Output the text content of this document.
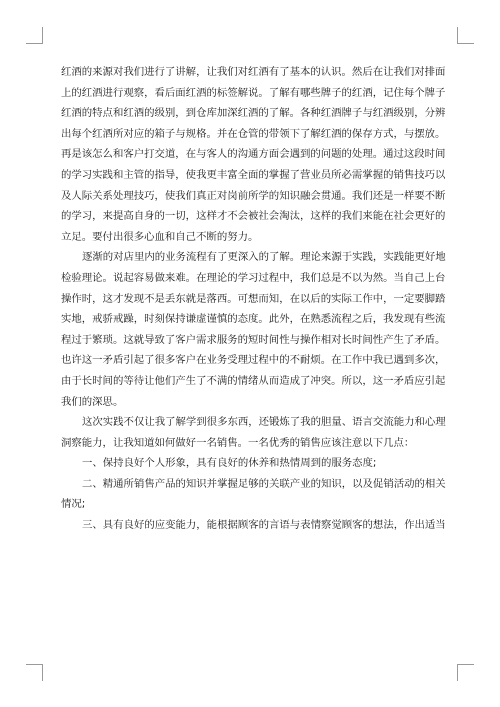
红酒的来源对我们进行了讲解，让我们对红酒有了基本的认识。然后在让我们对排面
上的红酒进行观察，看后面红酒的标签解说。了解有哪些牌子的红酒，记住每个牌子
红酒的特点和红酒的级别，到仓库加深红酒的了解。各种红酒牌子与红酒级别，分辨
出每个红酒所对应的箱子与规格。并在仓管的带领下了解红酒的保存方式，与摆放。

再是该怎么和客户打交道，在与客人的沟通方面会遇到的问题的处理。通过这段时间
的学习实践和主管的指导，使我更丰富全面的掌握了营业员所必需掌握的销售技巧以
及人际关系处理技巧，使我们真正对岗前所学的知识融会贯通。我们还是一样要不断
的学习，来提高自身的一切，这样才不会被社会淘汰，这样的我们来能在社会更好的
立足。要付出很多心血和自己不断的努力。

逐渐的对店里内的业务流程有了更深入的了解。理论来源于实践，实践能更好地
检验理论。说起容易做来难。在理论的学习过程中，我们总是不以为然。当自己上台
操作时，这才发现不是丢东就是落西。可想而知，在以后的实际工作中，一定要脚踏
实地，戒骄戒躁，时刻保持谦虚谨慎的态度。此外，在熟悉流程之后，我发现有些流
程过于繁琐。这就导致了客户需求服务的短时间性与操作相对长时间性产生了矛盾。
也许这一矛盾引起了很多客户在业务受理过程中的不耐烦。在工作中我已遇到多次，
由于长时间的等待让他们产生了不满的情绪从而造成了冲突。所以，这一矛盾应引起
我们的深思。

这次实践不仅让我了解学到很多东西，还锻炼了我的胆量、语言交流能力和心理
洞察能力，让我知道如何做好一名销售。一名优秀的销售应该注意以下几点：

一、保持良好个人形象，具有良好的休养和热情周到的服务态度;

二、精通所销售产品的知识并掌握足够的关联产业的知识，以及促销活动的相关
情况;

三、具有良好的应变能力，能根据顾客的言语与表情察觉顾客的想法，作出适当
